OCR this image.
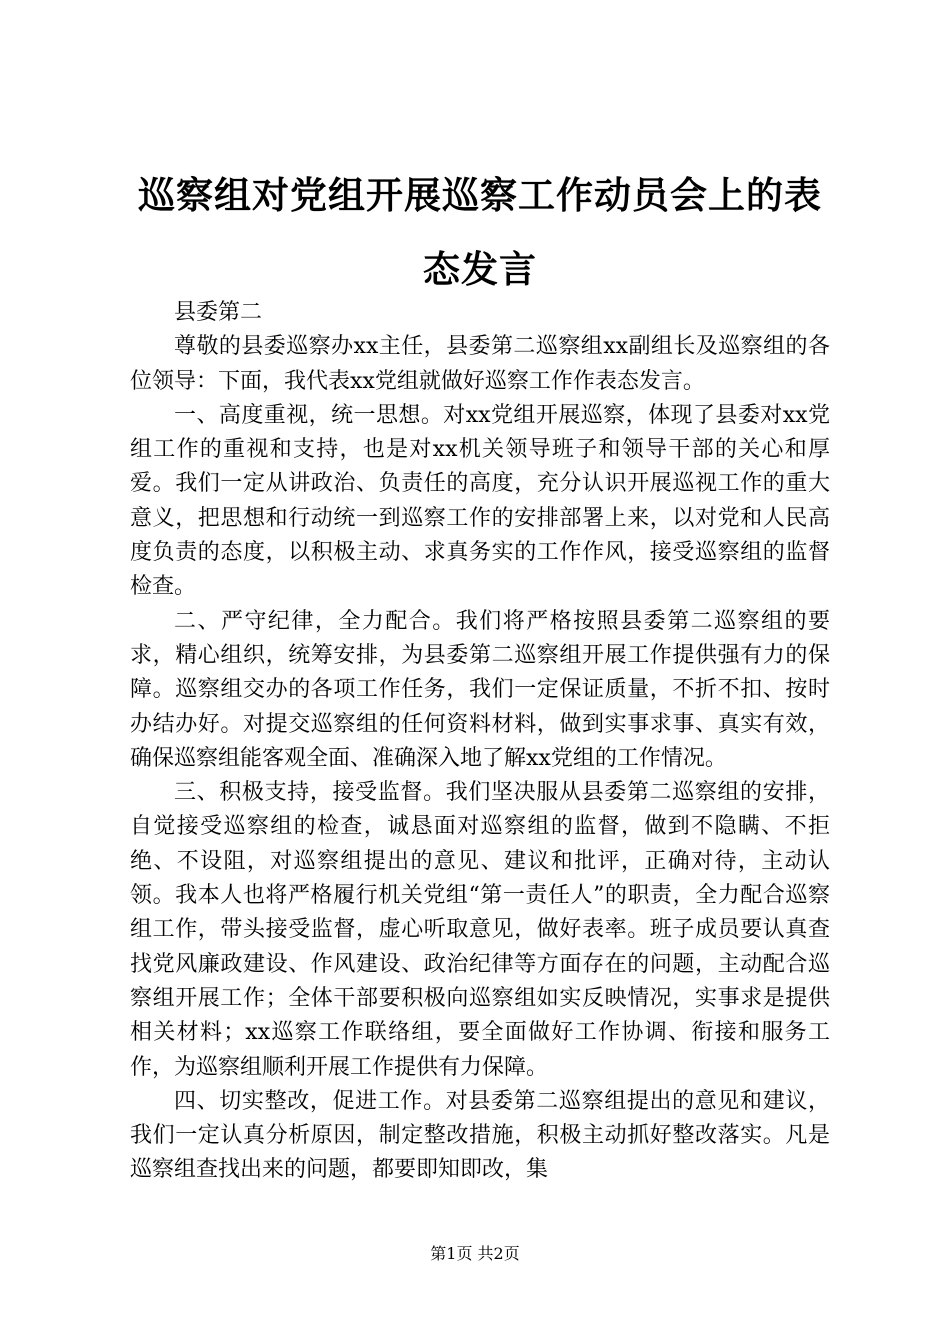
巡察组对党组开展巡察工作动员会上的表态发言

县委第二

尊敬的县委巡察办xx主任，县委第二巡察组xx副组长及巡察组的各位领导：下面，我代表xx党组就做好巡察工作作表态发言。

一、高度重视，统一思想。对xx党组开展巡察，体现了县委对xx党组工作的重视和支持，也是对xx机关领导班子和领导干部的关心和厚爱。我们一定从讲政治、负责任的高度，充分认识开展巡视工作的重大意义，把思想和行动统一到巡察工作的安排部署上来，以对党和人民高度负责的态度，以积极主动、求真务实的工作作风，接受巡察组的监督检查。

二、严守纪律，全力配合。我们将严格按照县委第二巡察组的要求，精心组织，统筹安排，为县委第二巡察组开展工作提供强有力的保障。巡察组交办的各项工作任务，我们一定保证质量，不折不扣、按时办结办好。对提交巡察组的任何资料材料，做到实事求事、真实有效，确保巡察组能客观全面、准确深入地了解xx党组的工作情况。

三、积极支持，接受监督。我们坚决服从县委第二巡察组的安排，自觉接受巡察组的检查，诚恳面对巡察组的监督，做到不隐瞒、不拒绝、不设阻，对巡察组提出的意见、建议和批评，正确对待，主动认领。我本人也将严格履行机关党组“第一责任人”的职责，全力配合巡察组工作，带头接受监督，虚心听取意见，做好表率。班子成员要认真查找党风廉政建设、作风建设、政治纪律等方面存在的问题，主动配合巡察组开展工作；全体干部要积极向巡察组如实反映情况，实事求是提供相关材料；xx巡察工作联络组，要全面做好工作协调、衔接和服务工作，为巡察组顺利开展工作提供有力保障。

四、切实整改，促进工作。对县委第二巡察组提出的意见和建议，我们一定认真分析原因，制定整改措施，积极主动抓好整改落实。凡是巡察组查找出来的问题，都要即知即改，集

第1页 共2页
